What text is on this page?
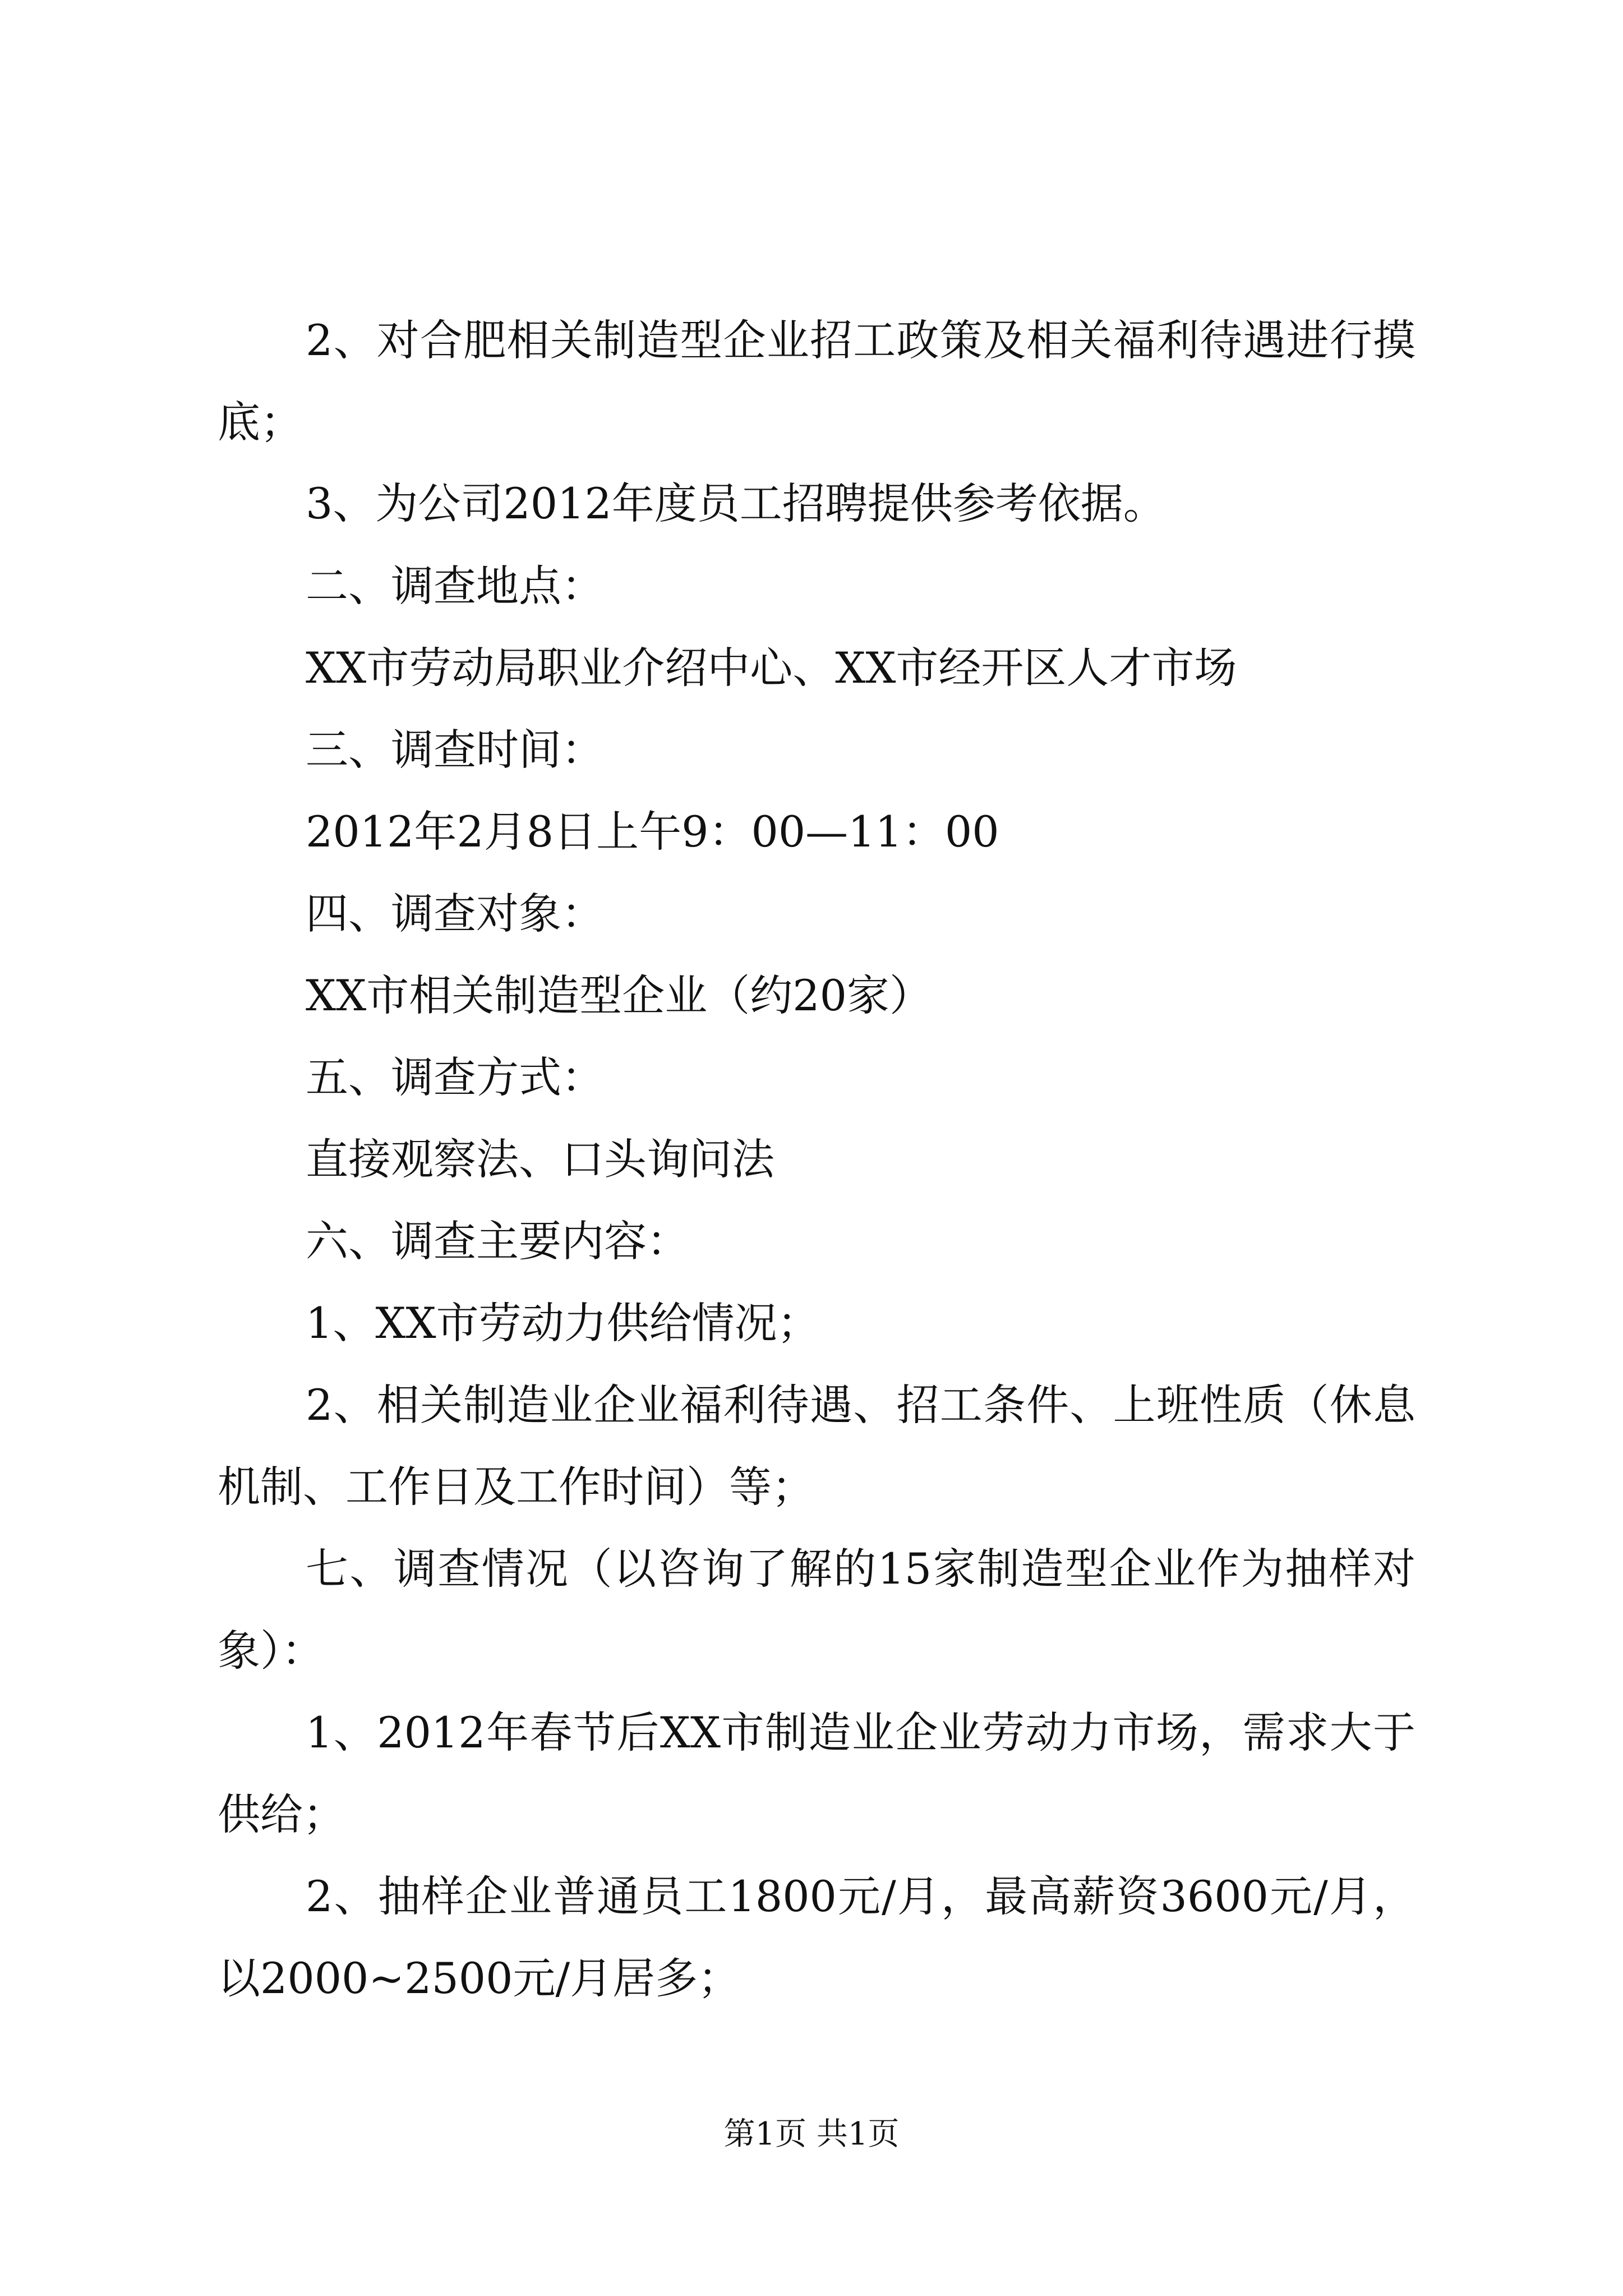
2、对合肥相关制造型企业招工政策及相关福利待遇进行摸
底；
3、为公司2012年度员工招聘提供参考依据。
二、调查地点：
XX市劳动局职业介绍中心、XX市经开区人才市场
三、调查时间：
2012年2月8日上午9：00—11：00
四、调查对象：
XX市相关制造型企业（约20家）
五、调查方式：
直接观察法、口头询问法
六、调查主要内容：
1、XX市劳动力供给情况；
2、相关制造业企业福利待遇、招工条件、上班性质（休息
机制、工作日及工作时间）等；
七、调查情况（以咨询了解的15家制造型企业作为抽样对
象）：
1、2012年春节后XX市制造业企业劳动力市场，需求大于
供给；
2、抽样企业普通员工1800元/月，最高薪资3600元/月，
以2000~2500元/月居多；
第1页 共1页
